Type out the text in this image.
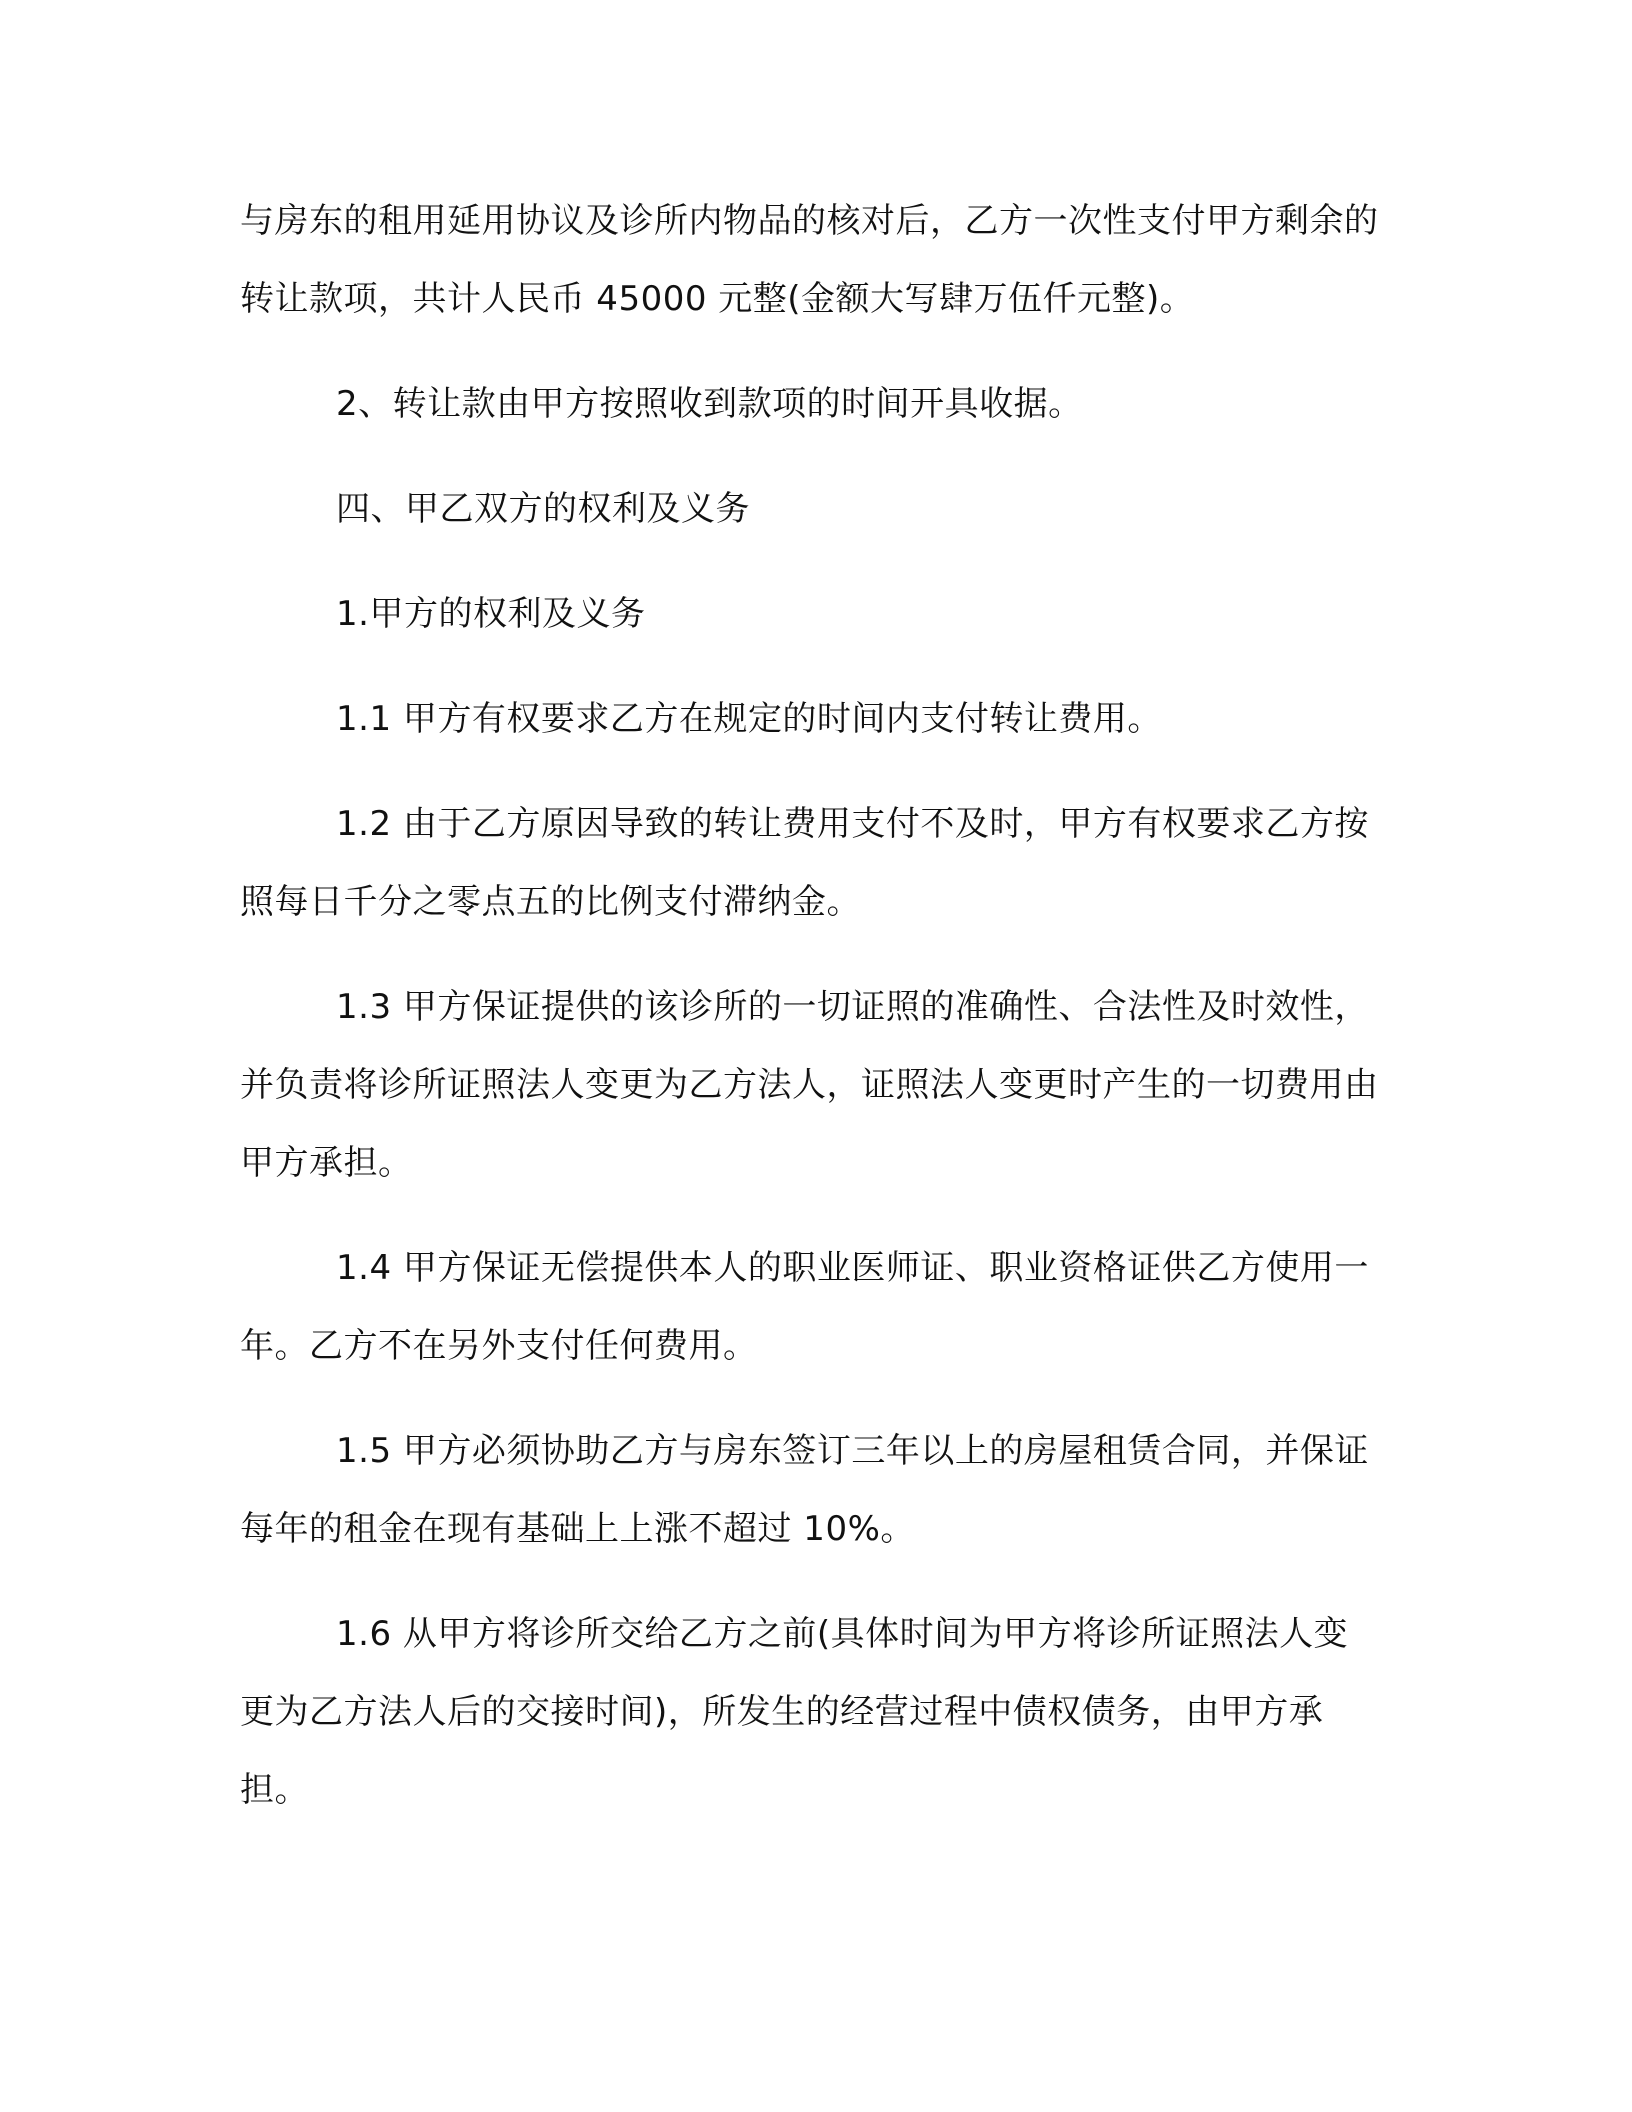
与房东的租用延用协议及诊所内物品的核对后，乙方一次性支付甲方剩余的转让款项，共计人民币 45000 元整(金额大写肆万伍仟元整)。

2、转让款由甲方按照收到款项的时间开具收据。

四、甲乙双方的权利及义务

1.甲方的权利及义务

1.1 甲方有权要求乙方在规定的时间内支付转让费用。

1.2 由于乙方原因导致的转让费用支付不及时，甲方有权要求乙方按照每日千分之零点五的比例支付滞纳金。

1.3 甲方保证提供的该诊所的一切证照的准确性、合法性及时效性，并负责将诊所证照法人变更为乙方法人，证照法人变更时产生的一切费用由甲方承担。

1.4 甲方保证无偿提供本人的职业医师证、职业资格证供乙方使用一年。乙方不在另外支付任何费用。

1.5 甲方必须协助乙方与房东签订三年以上的房屋租赁合同，并保证每年的租金在现有基础上上涨不超过 10%。

1.6 从甲方将诊所交给乙方之前(具体时间为甲方将诊所证照法人变更为乙方法人后的交接时间)，所发生的经营过程中债权债务，由甲方承担。
